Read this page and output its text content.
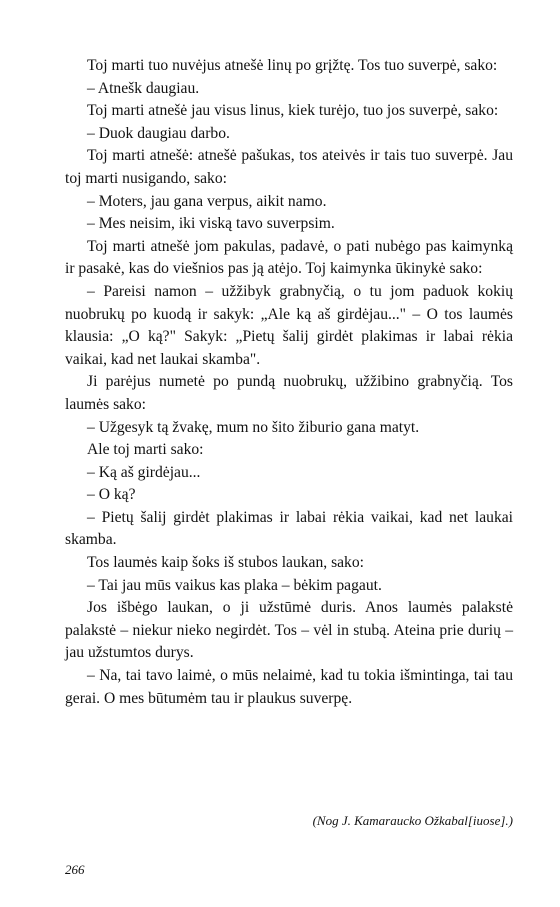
Toj marti tuo nuvėjus atnešė linų po grįžtę. Tos tuo suverpė, sako:

– Atnešk daugiau.

Toj marti atnešė jau visus linus, kiek turėjo, tuo jos suverpė, sako:

– Duok daugiau darbo.

Toj marti atnešė: atnešė pašukas, tos ateivės ir tais tuo suverpė. Jau toj marti nusigando, sako:

– Moters, jau gana verpus, aikit namo.

– Mes neisim, iki viską tavo suverpsim.

Toj marti atnešė jom pakulas, padavė, o pati nubėgo pas kaimynką ir pasakė, kas do viešnios pas ją atėjo. Toj kaimynka ūkinykė sako:

– Pareisi namon – užžibyk grabnyčią, o tu jom paduok kokių nuobrukų po kuodą ir sakyk: „Ale ką aš girdėjau..." – O tos laumės klausia: „O ką?" Sakyk: „Pietų šalij girdėt plakimas ir labai rėkia vaikai, kad net laukai skamba".

Ji parėjus numetė po pundą nuobrukų, užžibino grabnyčią. Tos laumės sako:

– Užgesyk tą žvakę, mum no šito žiburio gana matyt.

Ale toj marti sako:

– Ką aš girdėjau...

– O ką?

– Pietų šalij girdėt plakimas ir labai rėkia vaikai, kad net laukai skamba.

Tos laumės kaip šoks iš stubos laukan, sako:

– Tai jau mūs vaikus kas plaka – bėkim pagaut.

Jos išbėgo laukan, o ji užstūmė duris. Anos laumės palakstė palakstė – niekur nieko negirdėt. Tos – vėl in stubą. Ateina prie durių – jau užstumtos durys.

– Na, tai tavo laimė, o mūs nelaimė, kad tu tokia išmintinga, tai tau gerai. O mes būtumėm tau ir plaukus suverpę.

(Nog J. Kamaraucko Ožkabal[iuose].)
266
